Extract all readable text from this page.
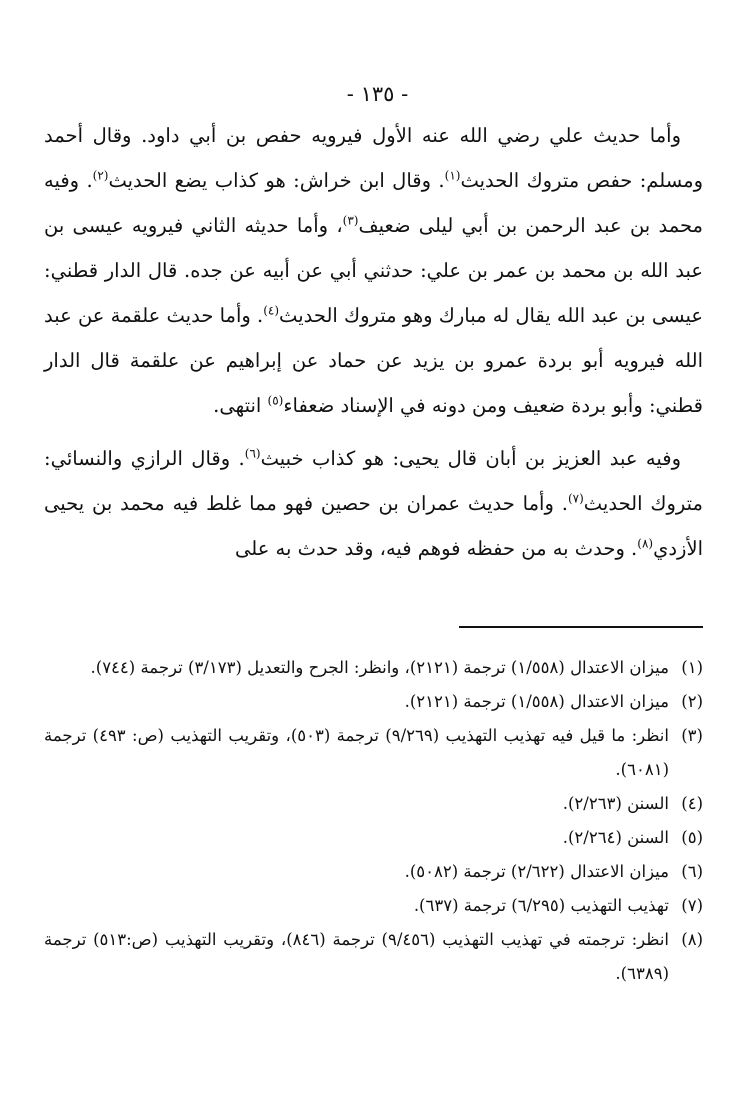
- ١٣٥ -

وأما حديث علي رضي الله عنه الأول فيرويه حفص بن أبي داود. وقال أحمد ومسلم: حفص متروك الحديث$^{(١)}$. وقال ابن خراش: هو كذاب يضع الحديث$^{(٢)}$. وفيه محمد بن عبد الرحمن بن أبي ليلى ضعيف$^{(٣)}$، وأما حديثه الثاني فيرويه عيسى بن عبد الله بن محمد بن عمر بن علي: حدثني أبي عن أبيه عن جده. قال الدار قطني: عيسى بن عبد الله يقال له مبارك وهو متروك الحديث$^{(٤)}$. وأما حديث علقمة عن عبد الله فيرويه أبو بردة عمرو بن يزيد عن حماد عن إبراهيم عن علقمة قال الدار قطني: وأبو بردة ضعيف ومن دونه في الإسناد ضعفاء$^{(٥)}$ انتهى.

وفيه عبد العزيز بن أبان قال يحيى: هو كذاب خبيث$^{(٦)}$. وقال الرازي والنسائي: متروك الحديث$^{(٧)}$. وأما حديث عمران بن حصين فهو مما غلط فيه محمد بن يحيى الأزدي$^{(٨)}$. وحدث به من حفظه فوهم فيه، وقد حدث به على

(١)ميزان الاعتدال (١/٥٥٨) ترجمة (٢١٢١)، وانظر: الجرح والتعديل (٣/١٧٣) ترجمة (٧٤٤).
(٢)ميزان الاعتدال (١/٥٥٨) ترجمة (٢١٢١).
(٣)انظر: ما قيل فيه تهذيب التهذيب (٩/٢٦٩) ترجمة (٥٠٣)، وتقريب التهذيب (ص: ٤٩٣) ترجمة (٦٠٨١).
(٤)السنن (٢/٢٦٣).
(٥)السنن (٢/٢٦٤).
(٦)ميزان الاعتدال (٢/٦٢٢) ترجمة (٥٠٨٢).
(٧)تهذيب التهذيب (٦/٢٩٥) ترجمة (٦٣٧).
(٨)انظر: ترجمته في تهذيب التهذيب (٩/٤٥٦) ترجمة (٨٤٦)، وتقريب التهذيب (ص:٥١٣) ترجمة (٦٣٨٩).
